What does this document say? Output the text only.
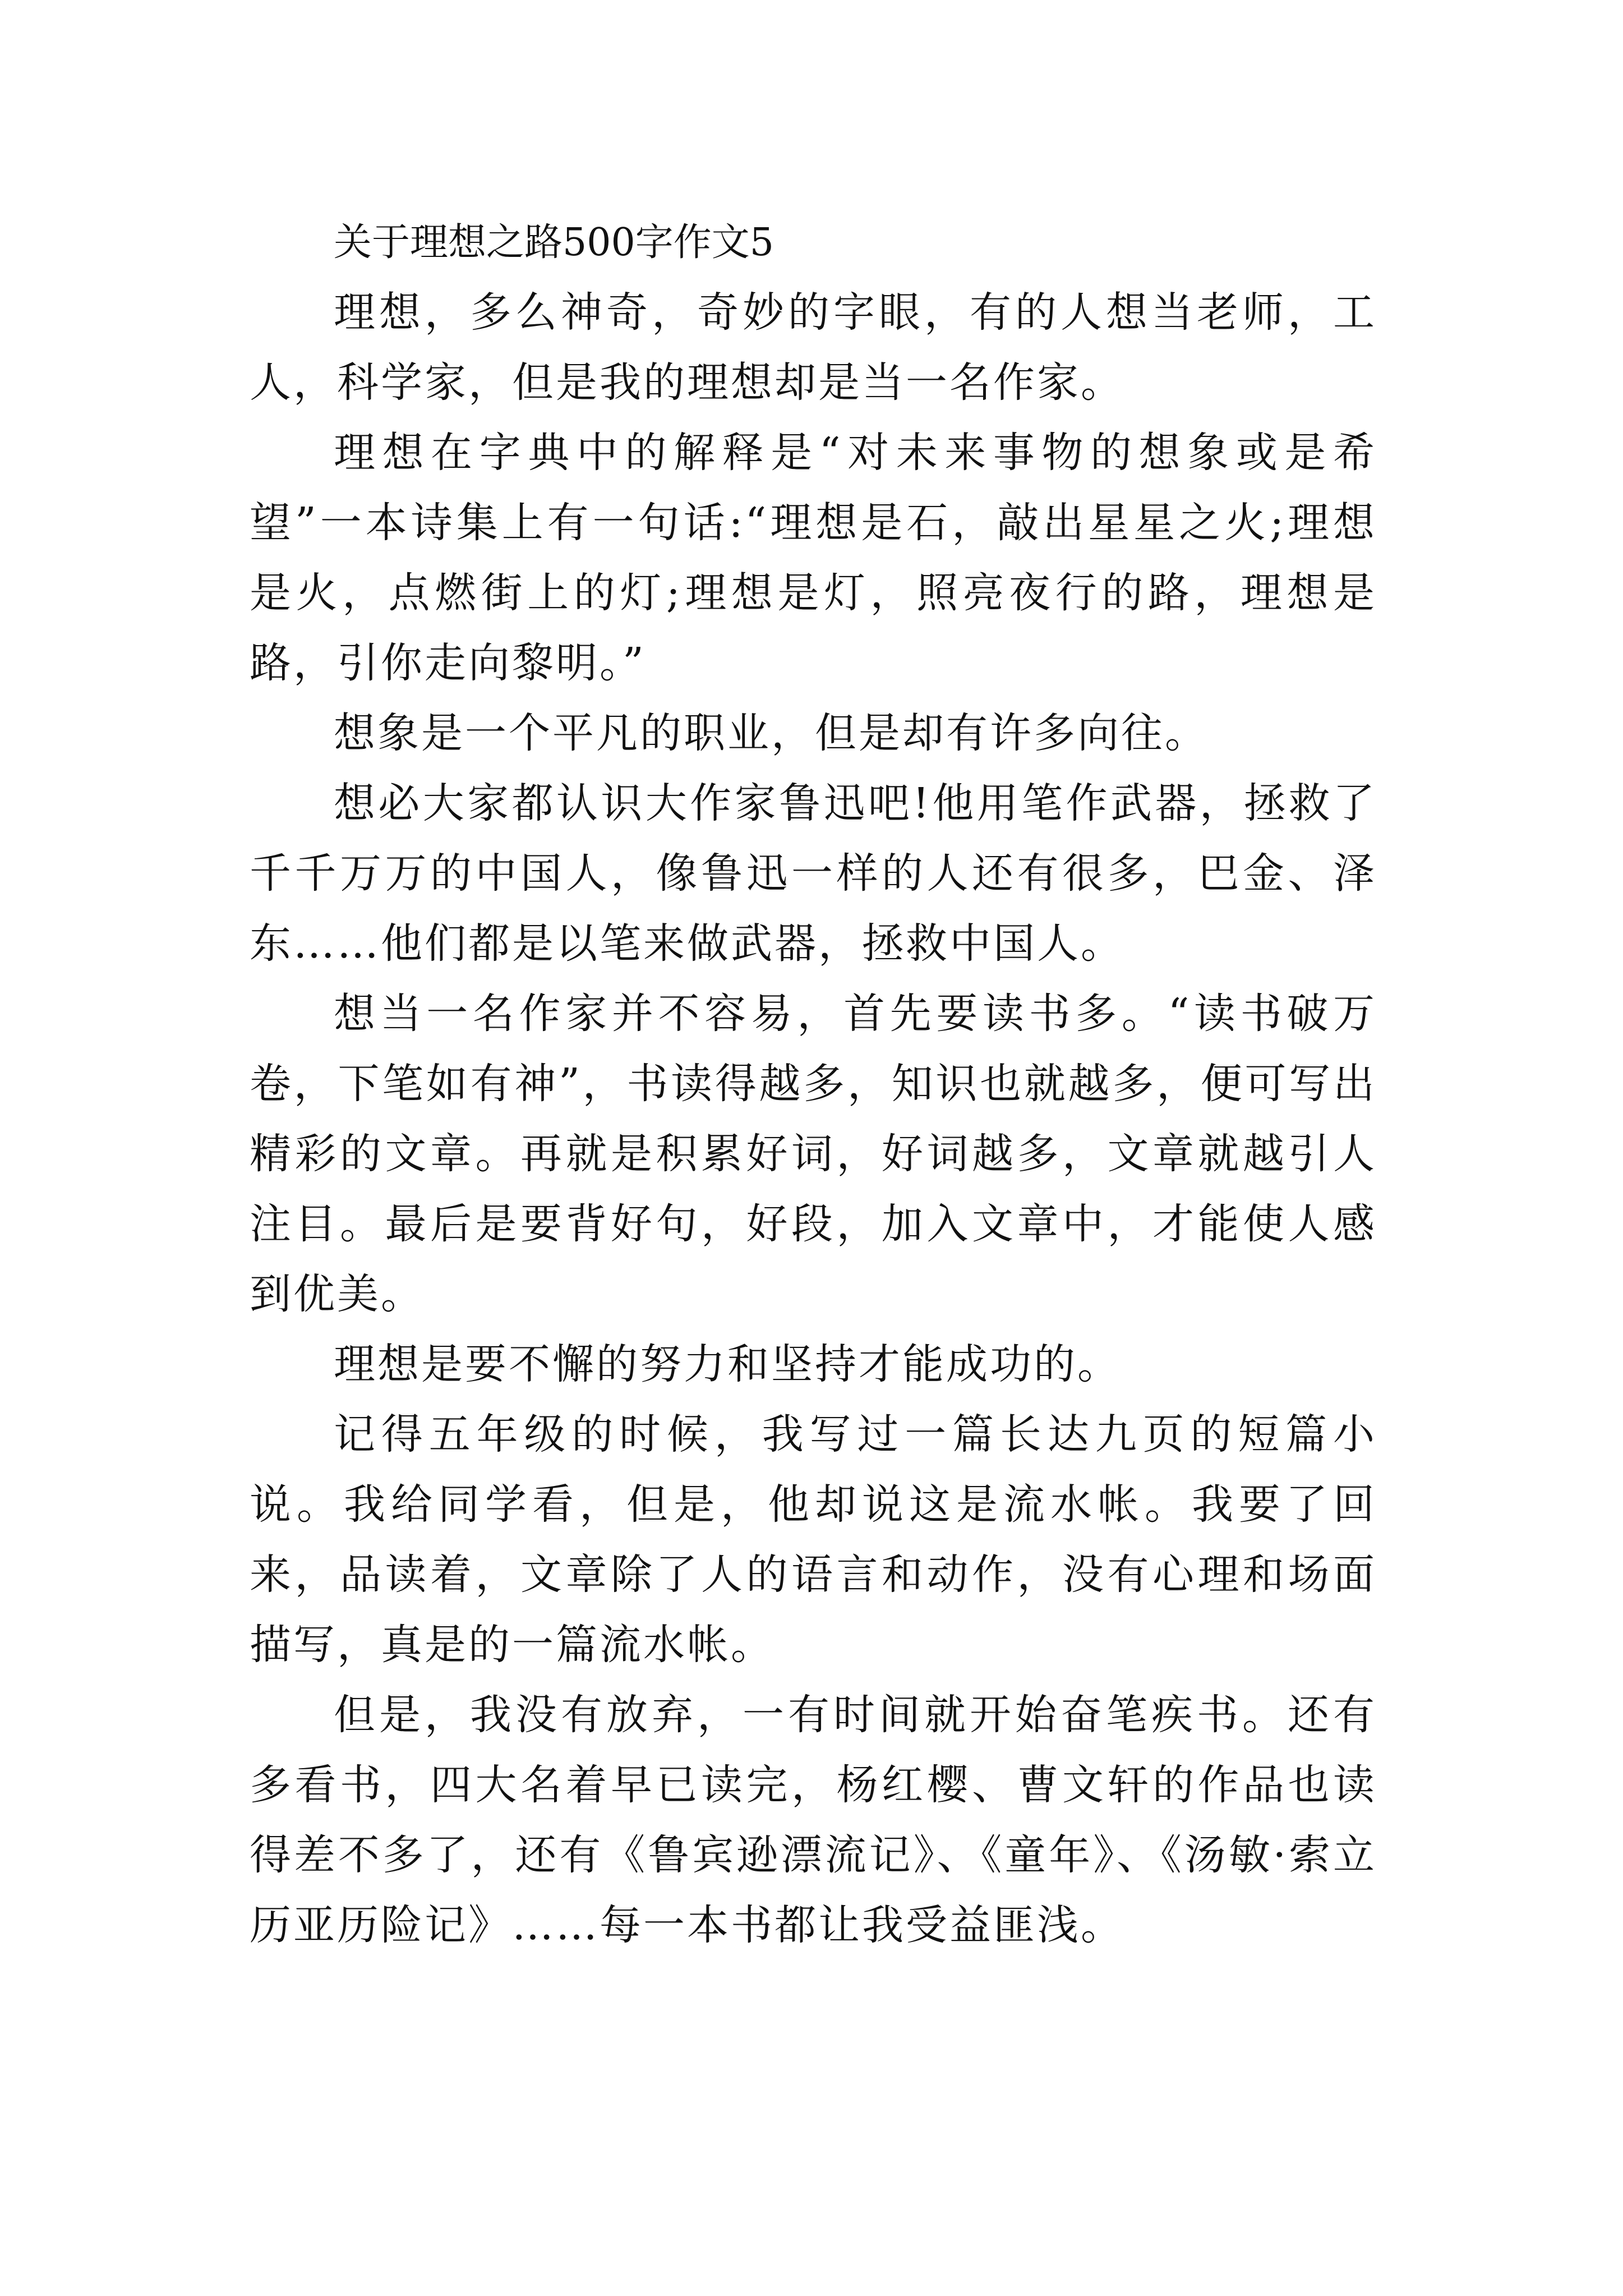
关于理想之路500字作文5

理想，多么神奇，奇妙的字眼，有的人想当老师，工人，科学家，但是我的理想却是当一名作家。

理想在字典中的解释是“对未来事物的想象或是希望”一本诗集上有一句话:“理想是石，敲出星星之火;理想是火，点燃街上的灯;理想是灯，照亮夜行的路，理想是路，引你走向黎明。”

想象是一个平凡的职业，但是却有许多向往。

想必大家都认识大作家鲁迅吧!他用笔作武器，拯救了千千万万的中国人，像鲁迅一样的人还有很多，巴金、泽东……他们都是以笔来做武器，拯救中国人。

想当一名作家并不容易，首先要读书多。“读书破万卷，下笔如有神”，书读得越多，知识也就越多，便可写出精彩的文章。再就是积累好词，好词越多，文章就越引人注目。最后是要背好句，好段，加入文章中，才能使人感到优美。

理想是要不懈的努力和坚持才能成功的。

记得五年级的时候，我写过一篇长达九页的短篇小说。我给同学看，但是，他却说这是流水帐。我要了回来，品读着，文章除了人的语言和动作，没有心理和场面描写，真是的一篇流水帐。

但是，我没有放弃，一有时间就开始奋笔疾书。还有多看书，四大名着早已读完，杨红樱、曹文轩的作品也读得差不多了，还有《鲁宾逊漂流记》、《童年》、《汤敏·索立历亚历险记》……每一本书都让我受益匪浅。
